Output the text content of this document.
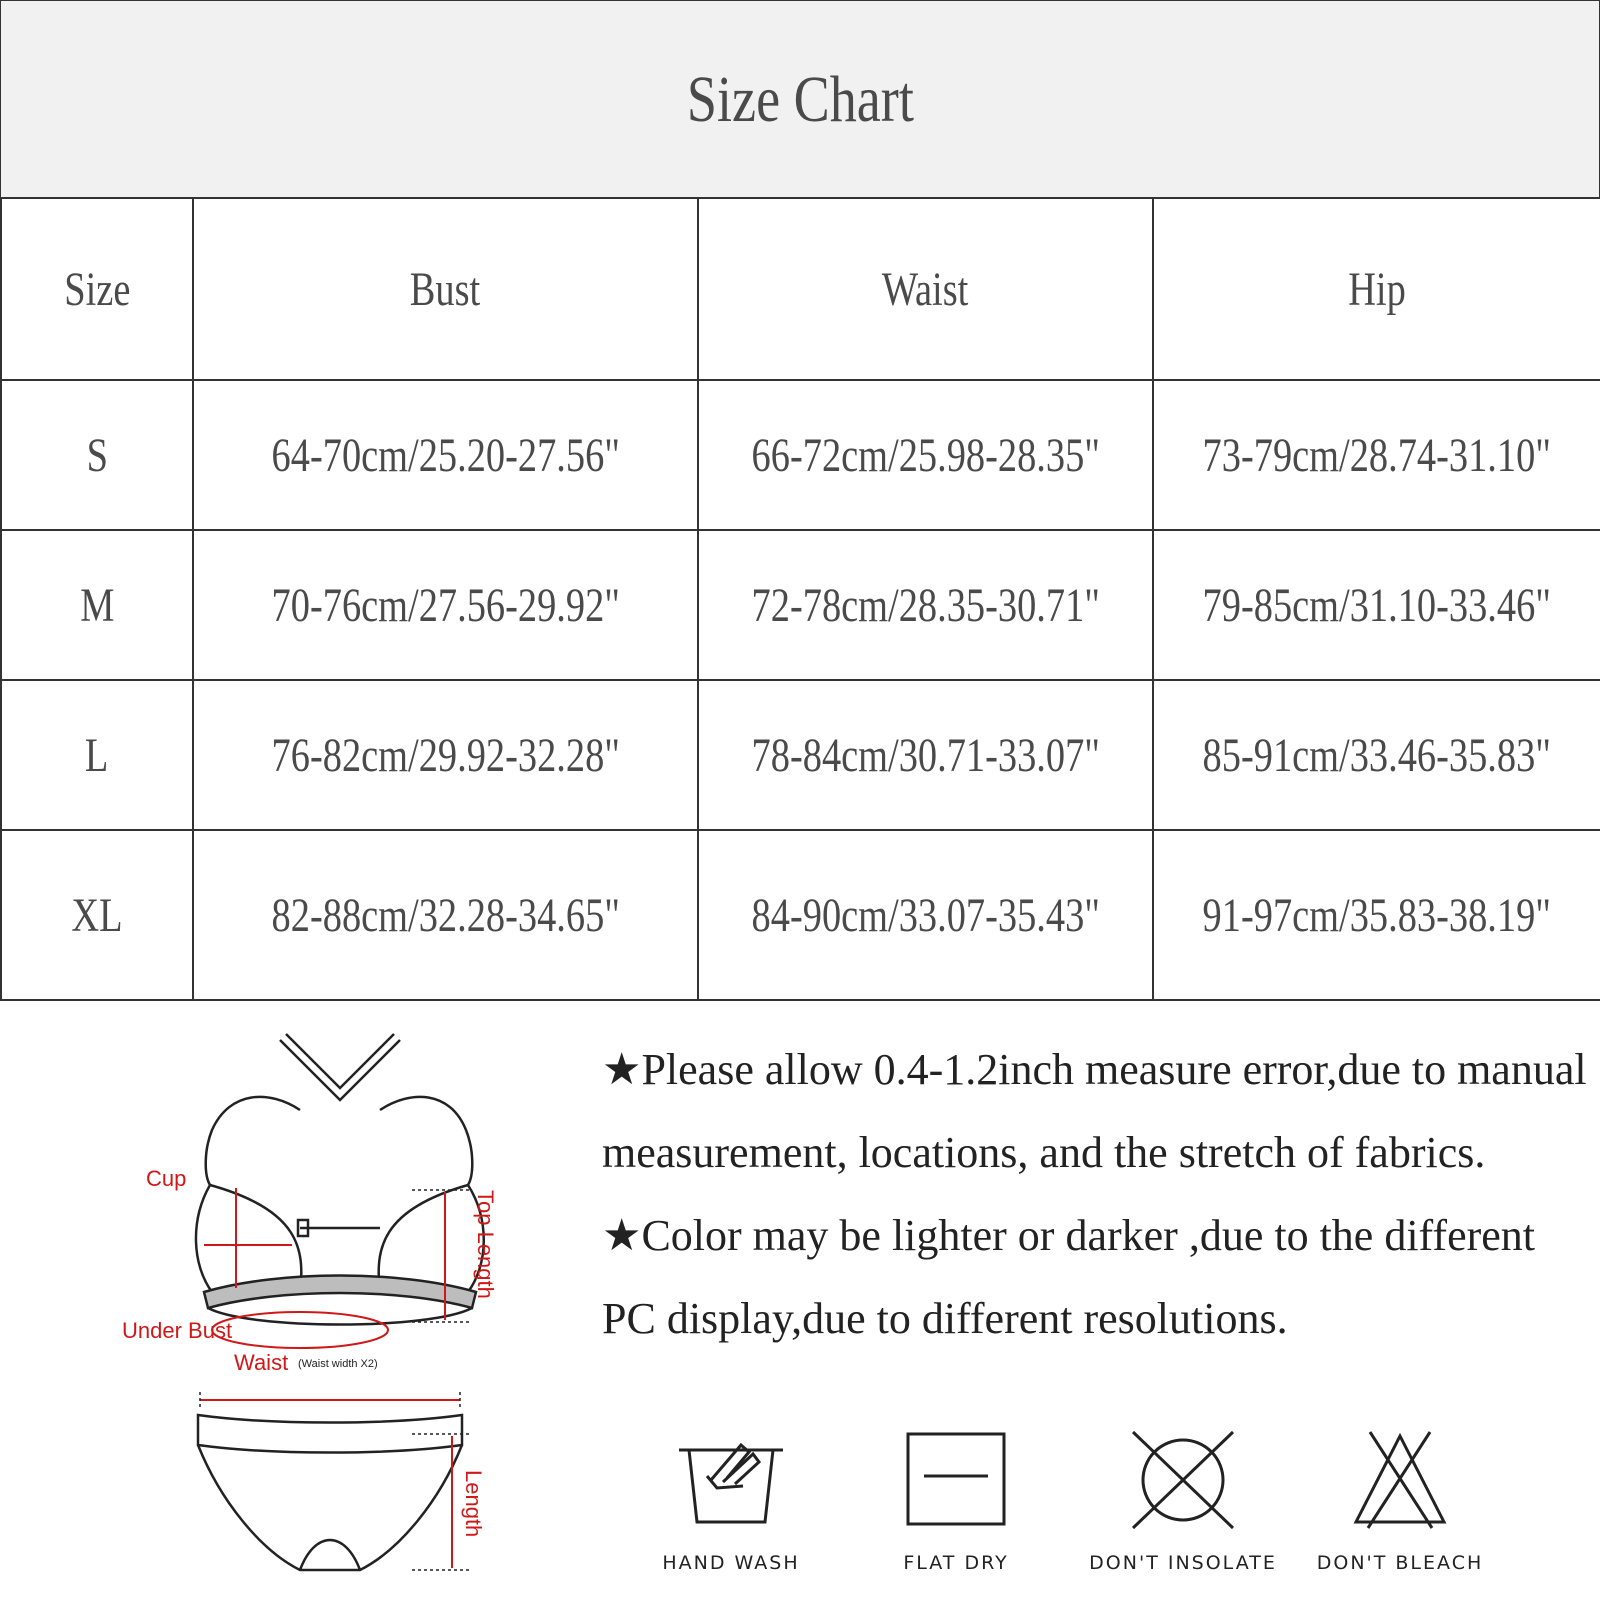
Size Chart
Size	Bust	Waist	Hip
S	64-70cm/25.20-27.56"	66-72cm/25.98-28.35"	73-79cm/28.74-31.10"
M	70-76cm/27.56-29.92"	72-78cm/28.35-30.71"	79-85cm/31.10-33.46"
L	76-82cm/29.92-32.28"	78-84cm/30.71-33.07"	85-91cm/33.46-35.83"
XL	82-88cm/32.28-34.65"	84-90cm/33.07-35.43"	91-97cm/35.83-38.19"
Cup
Top Length
Under Bust
Waist (Waist width X2)
Length

★Please allow 0.4-1.2inch measure error,due to manual measurement, locations, and the stretch of fabrics.

★Color may be lighter or darker ,due to the different PC display,due to different resolutions.

HAND WASH	FLAT DRY	DON'T INSOLATE	DON'T BLEACH
